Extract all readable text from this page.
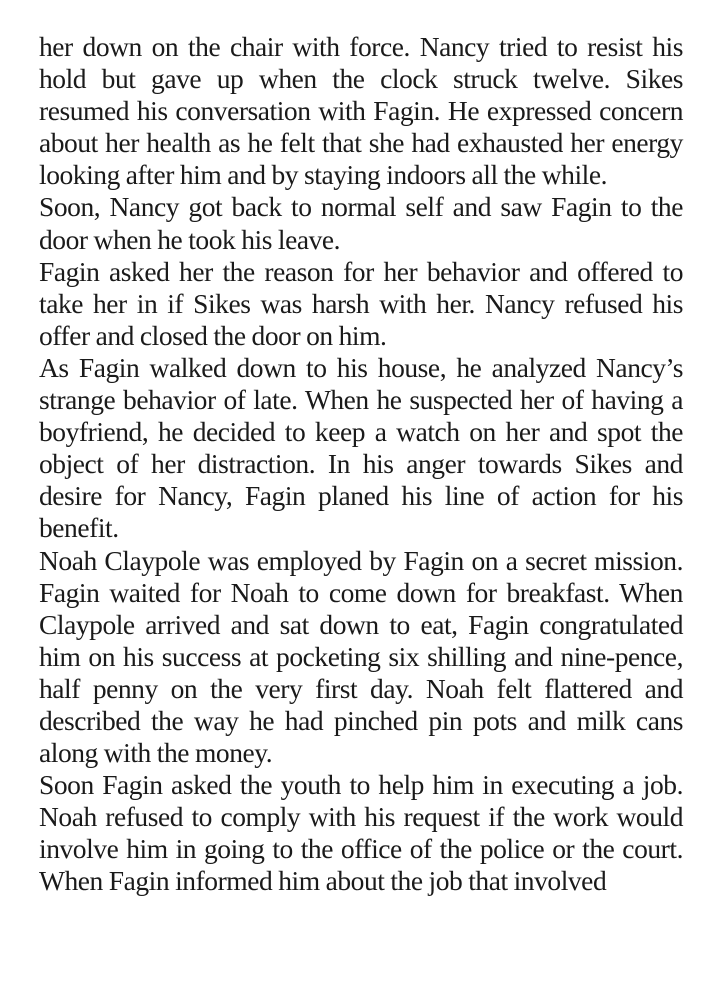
her down on the chair with force. Nancy tried to resist his hold but gave up when the clock struck twelve. Sikes resumed his conversation with Fagin. He expressed concern about her health as he felt that she had exhausted her energy looking after him and by staying indoors all the while.

Soon, Nancy got back to normal self and saw Fagin to the door when he took his leave.

Fagin asked her the reason for her behavior and offered to take her in if Sikes was harsh with her. Nancy refused his offer and closed the door on him.

As Fagin walked down to his house, he analyzed Nancy’s strange behavior of late. When he suspected her of having a boyfriend, he decided to keep a watch on her and spot the object of her distraction. In his anger towards Sikes and desire for Nancy, Fagin planed his line of action for his benefit.

Noah Claypole was employed by Fagin on a secret mission. Fagin waited for Noah to come down for breakfast. When Claypole arrived and sat down to eat, Fagin congratulated him on his success at pocketing six shilling and nine-pence, half penny on the very first day. Noah felt flattered and described the way he had pinched pin pots and milk cans along with the money.

Soon Fagin asked the youth to help him in executing a job. Noah refused to comply with his request if the work would involve him in going to the office of the police or the court. When Fagin informed him about the job that involved
